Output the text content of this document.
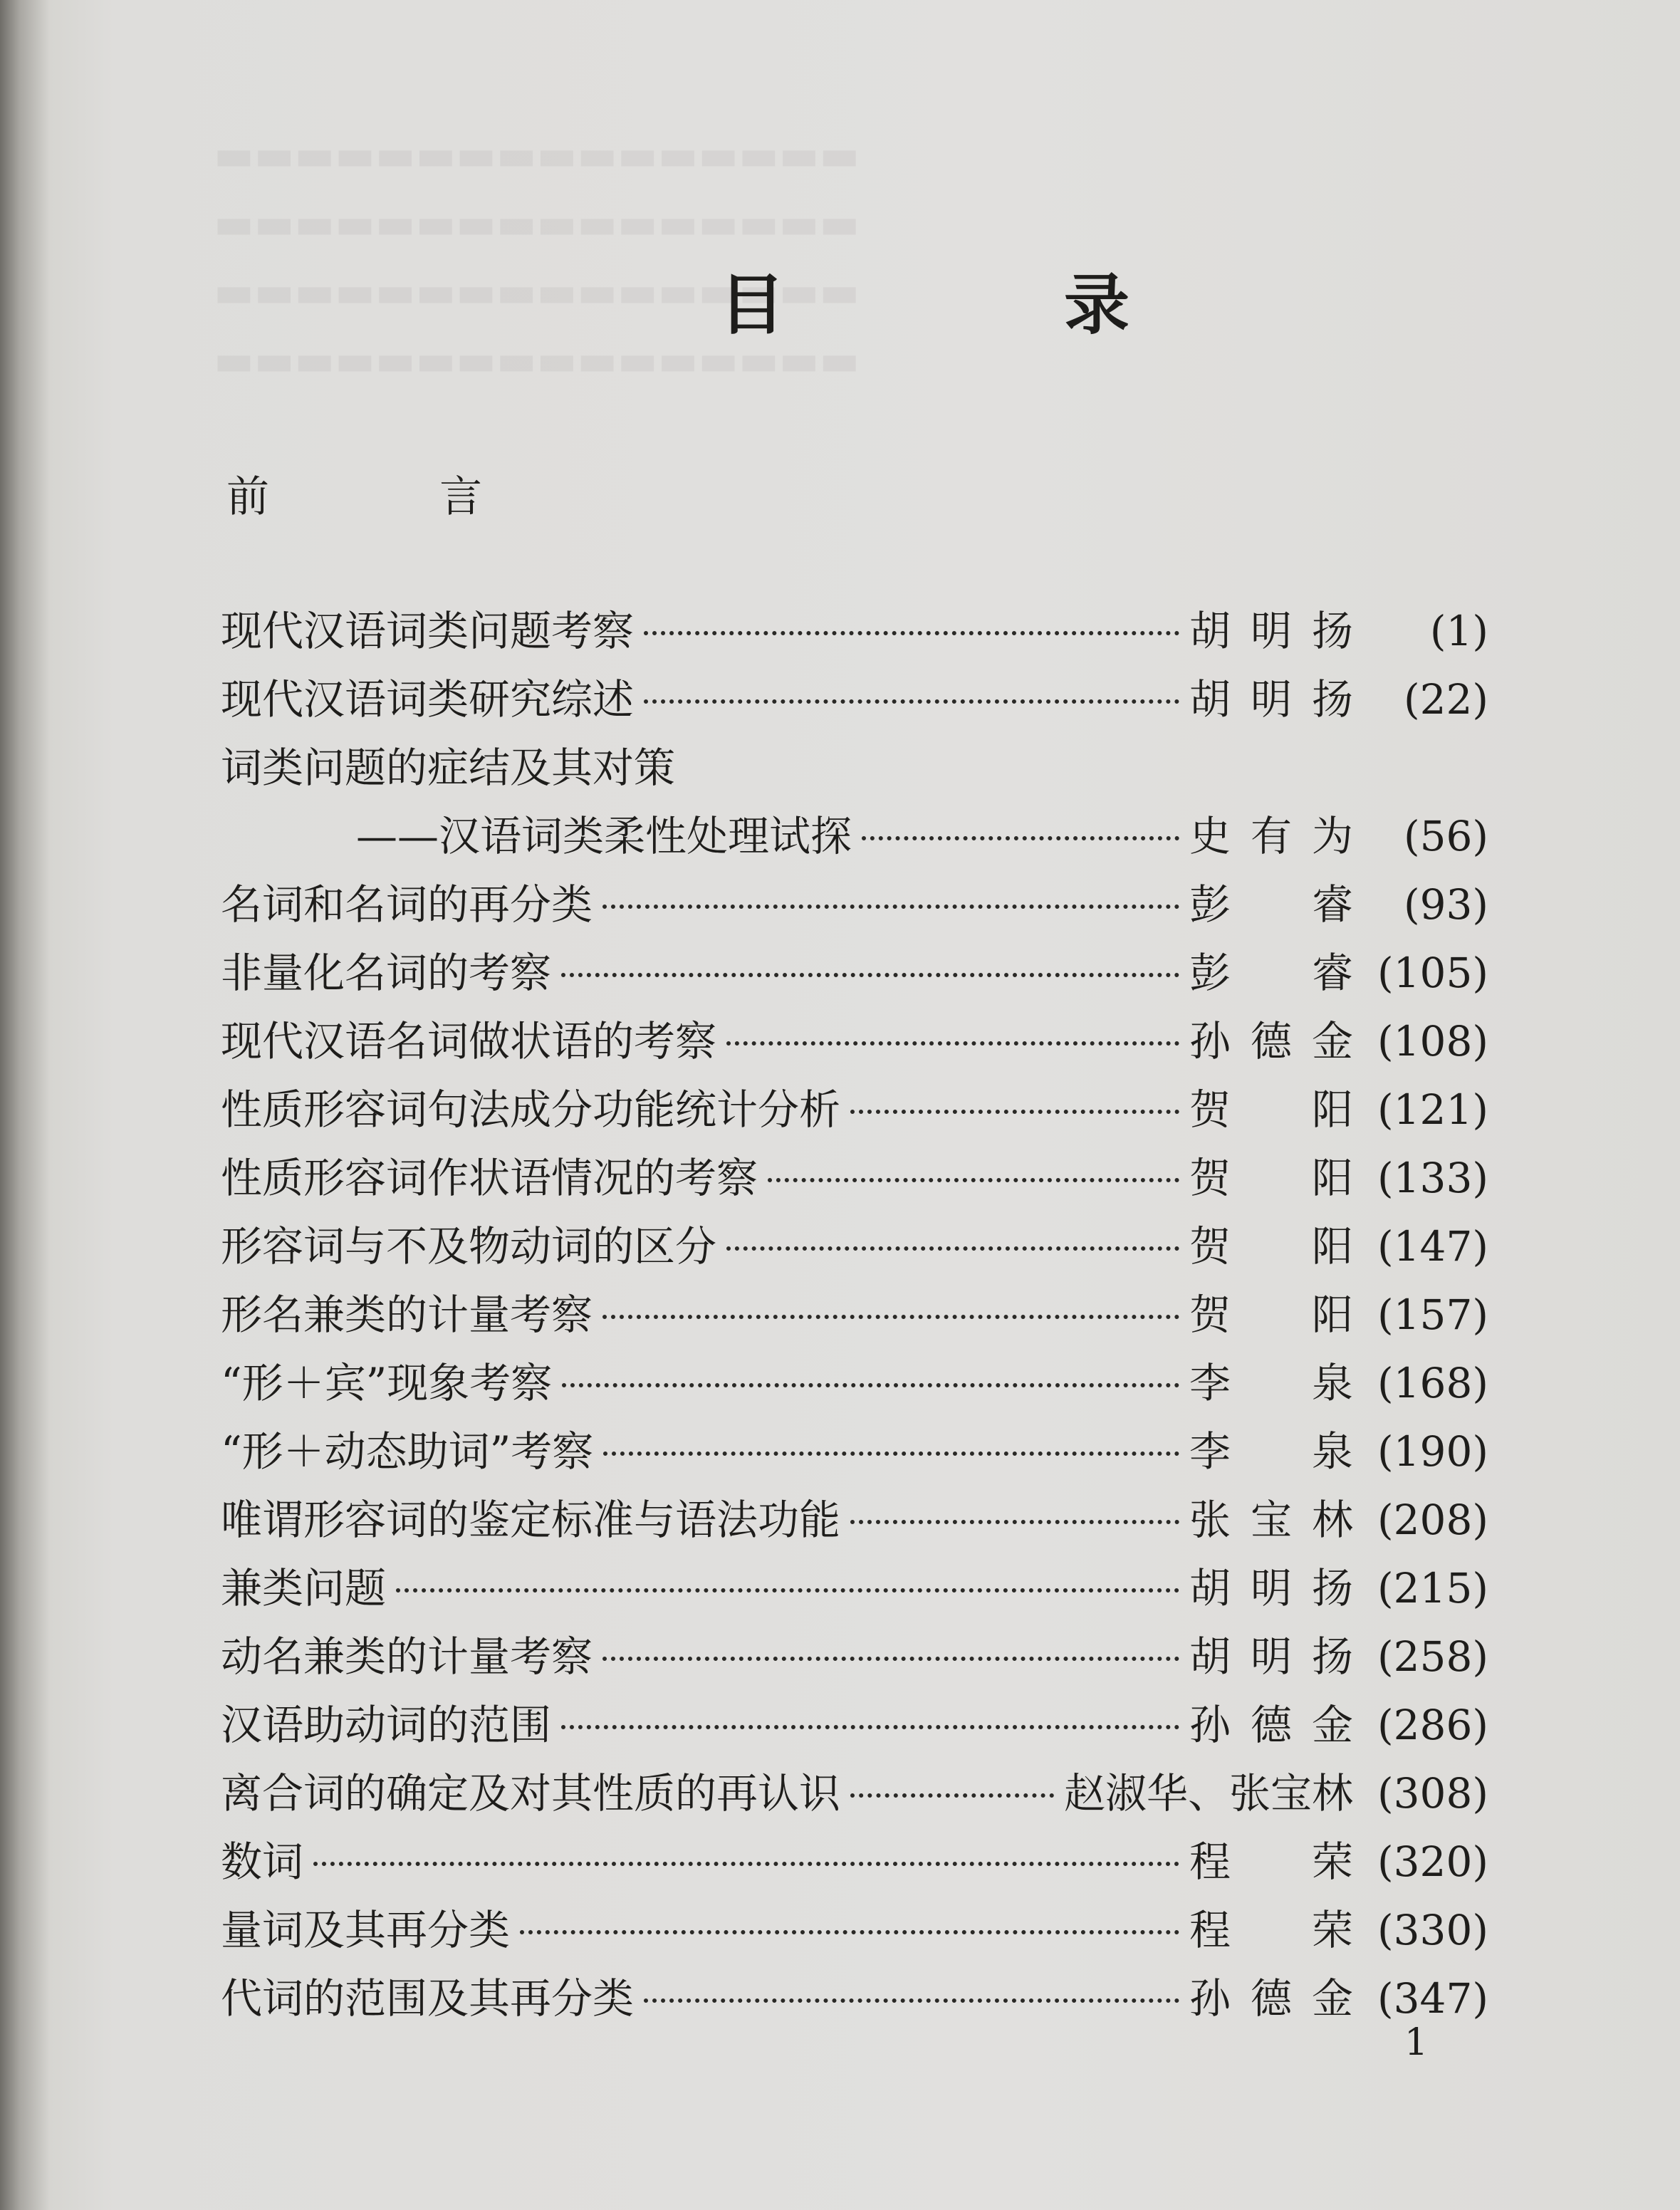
▬▬▬▬▬▬▬▬▬▬▬▬▬▬▬▬
▬▬▬▬▬▬▬▬▬▬▬▬▬▬▬▬
▬▬▬▬▬▬▬▬▬▬▬▬▬▬▬▬
▬▬▬▬▬▬▬▬▬▬▬▬▬▬▬▬
目 录
前 言
现代汉语词类问题考察	胡明扬	(1)
现代汉语词类研究综述	胡明扬	(22)
词类问题的症结及其对策
——汉语词类柔性处理试探	史有为	(56)
名词和名词的再分类	彭 睿	(93)
非量化名词的考察	彭 睿 (105)
现代汉语名词做状语的考察	孙德金 (108)
性质形容词句法成分功能统计分析	贺 阳 (121)
性质形容词作状语情况的考察	贺 阳 (133)
形容词与不及物动词的区分	贺 阳 (147)
形名兼类的计量考察	贺 阳 (157)
“形＋宾”现象考察	李 泉 (168)
“形＋动态助词”考察	李 泉 (190)
唯谓形容词的鉴定标准与语法功能	张宝林 (208)
兼类问题	胡明扬 (215)
动名兼类的计量考察	胡明扬 (258)
汉语助动词的范围	孙德金 (286)
离合词的确定及对其性质的再认识	赵淑华、张宝林 (308)
数词	程 荣 (320)
量词及其再分类	程 荣 (330)
代词的范围及其再分类	孙德金 (347)
1
